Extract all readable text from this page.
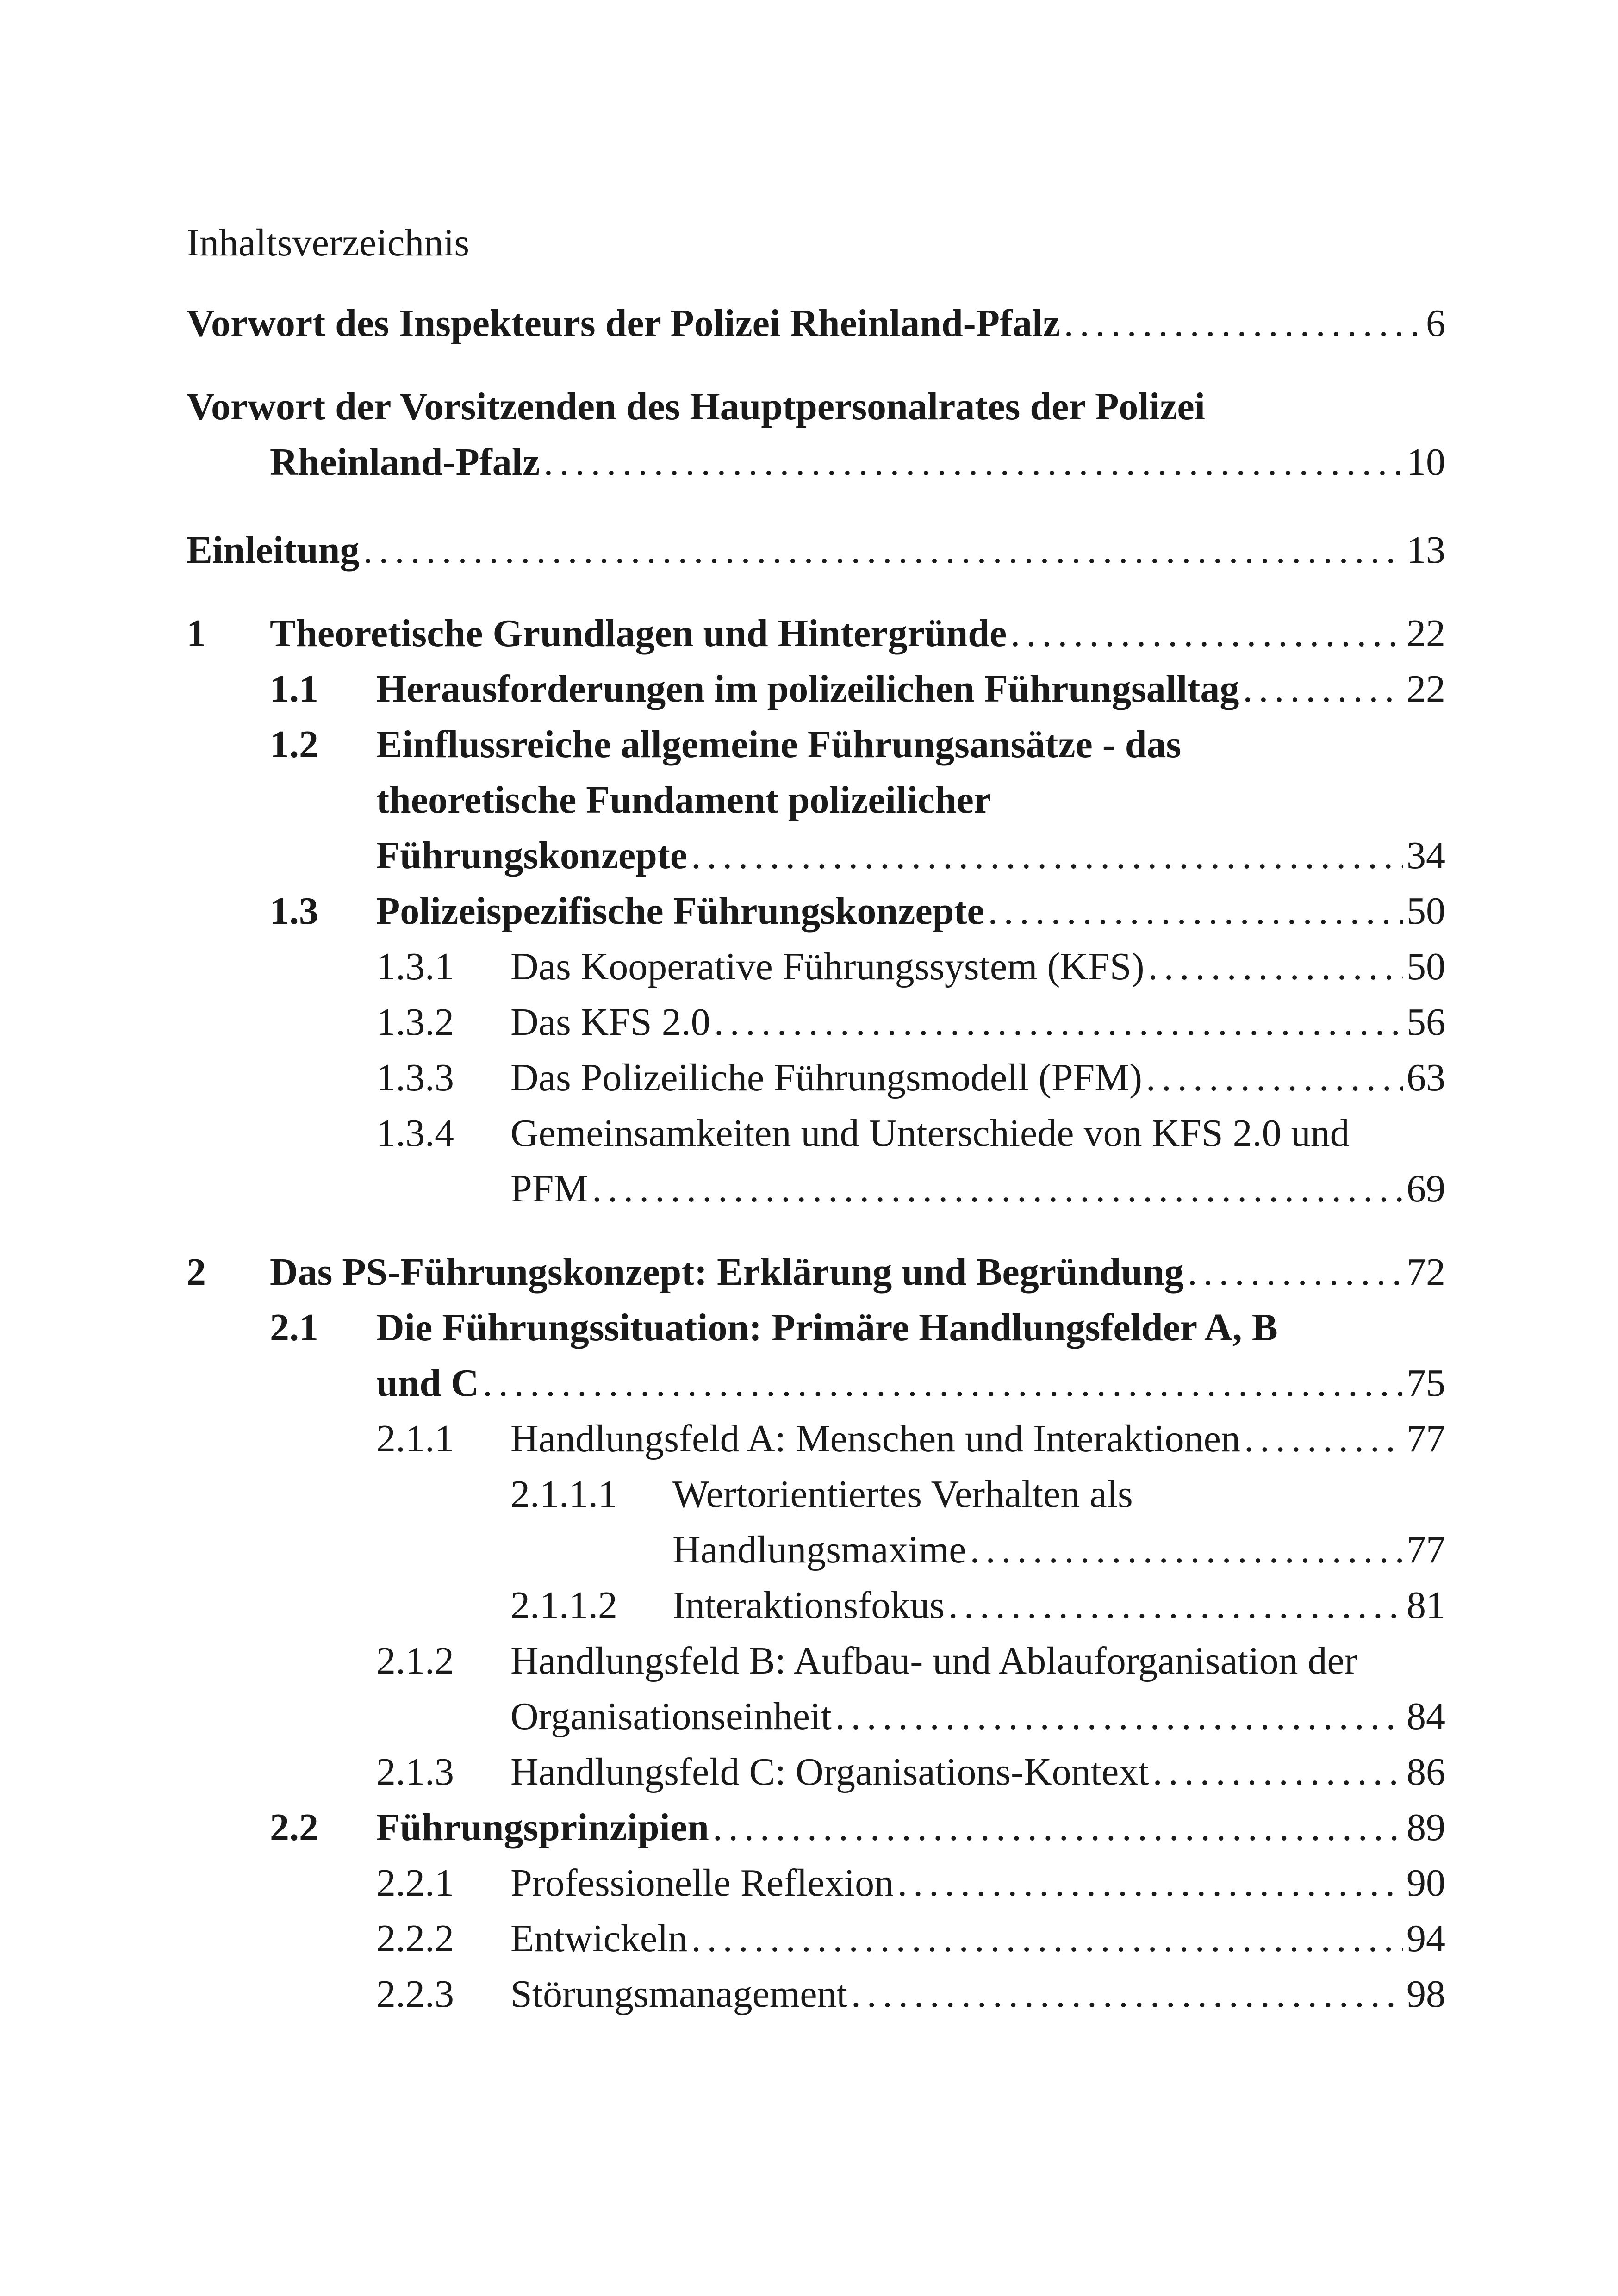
Inhaltsverzeichnis
Vorwort des Inspekteurs der Polizei Rheinland-Pfalz . . .	6
Vorwort der Vorsitzenden des Hauptpersonalrates der Polizei
Rheinland-Pfalz . . .	10
Einleitung . . .	13
1 Theoretische Grundlagen und Hintergründe . . .	22
1.1 Herausforderungen im polizeilichen Führungsalltag . . .	22
1.2 Einflussreiche allgemeine Führungsansätze - das
theoretische Fundament polizeilicher
Führungskonzepte . . .	34
1.3 Polizeispezifische Führungskonzepte . . .	50
1.3.1 Das Kooperative Führungssystem (KFS) . . .	50
1.3.2 Das KFS 2.0 . . .	56
1.3.3 Das Polizeiliche Führungsmodell (PFM) . . .	63
1.3.4 Gemeinsamkeiten und Unterschiede von KFS 2.0 und
PFM . . .	69
2 Das PS-Führungskonzept: Erklärung und Begründung . . .	72
2.1 Die Führungssituation: Primäre Handlungsfelder A, B
und C . . .	75
2.1.1 Handlungsfeld A: Menschen und Interaktionen . . .	77
2.1.1.1 Wertorientiertes Verhalten als
Handlungsmaxime . . .	77
2.1.1.2 Interaktionsfokus . . .	81
2.1.2 Handlungsfeld B: Aufbau- und Ablauforganisation der
Organisationseinheit . . .	84
2.1.3 Handlungsfeld C: Organisations-Kontext . . .	86
2.2 Führungsprinzipien . . .	89
2.2.1 Professionelle Reflexion . . .	90
2.2.2 Entwickeln . . .	94
2.2.3 Störungsmanagement . . .	98
